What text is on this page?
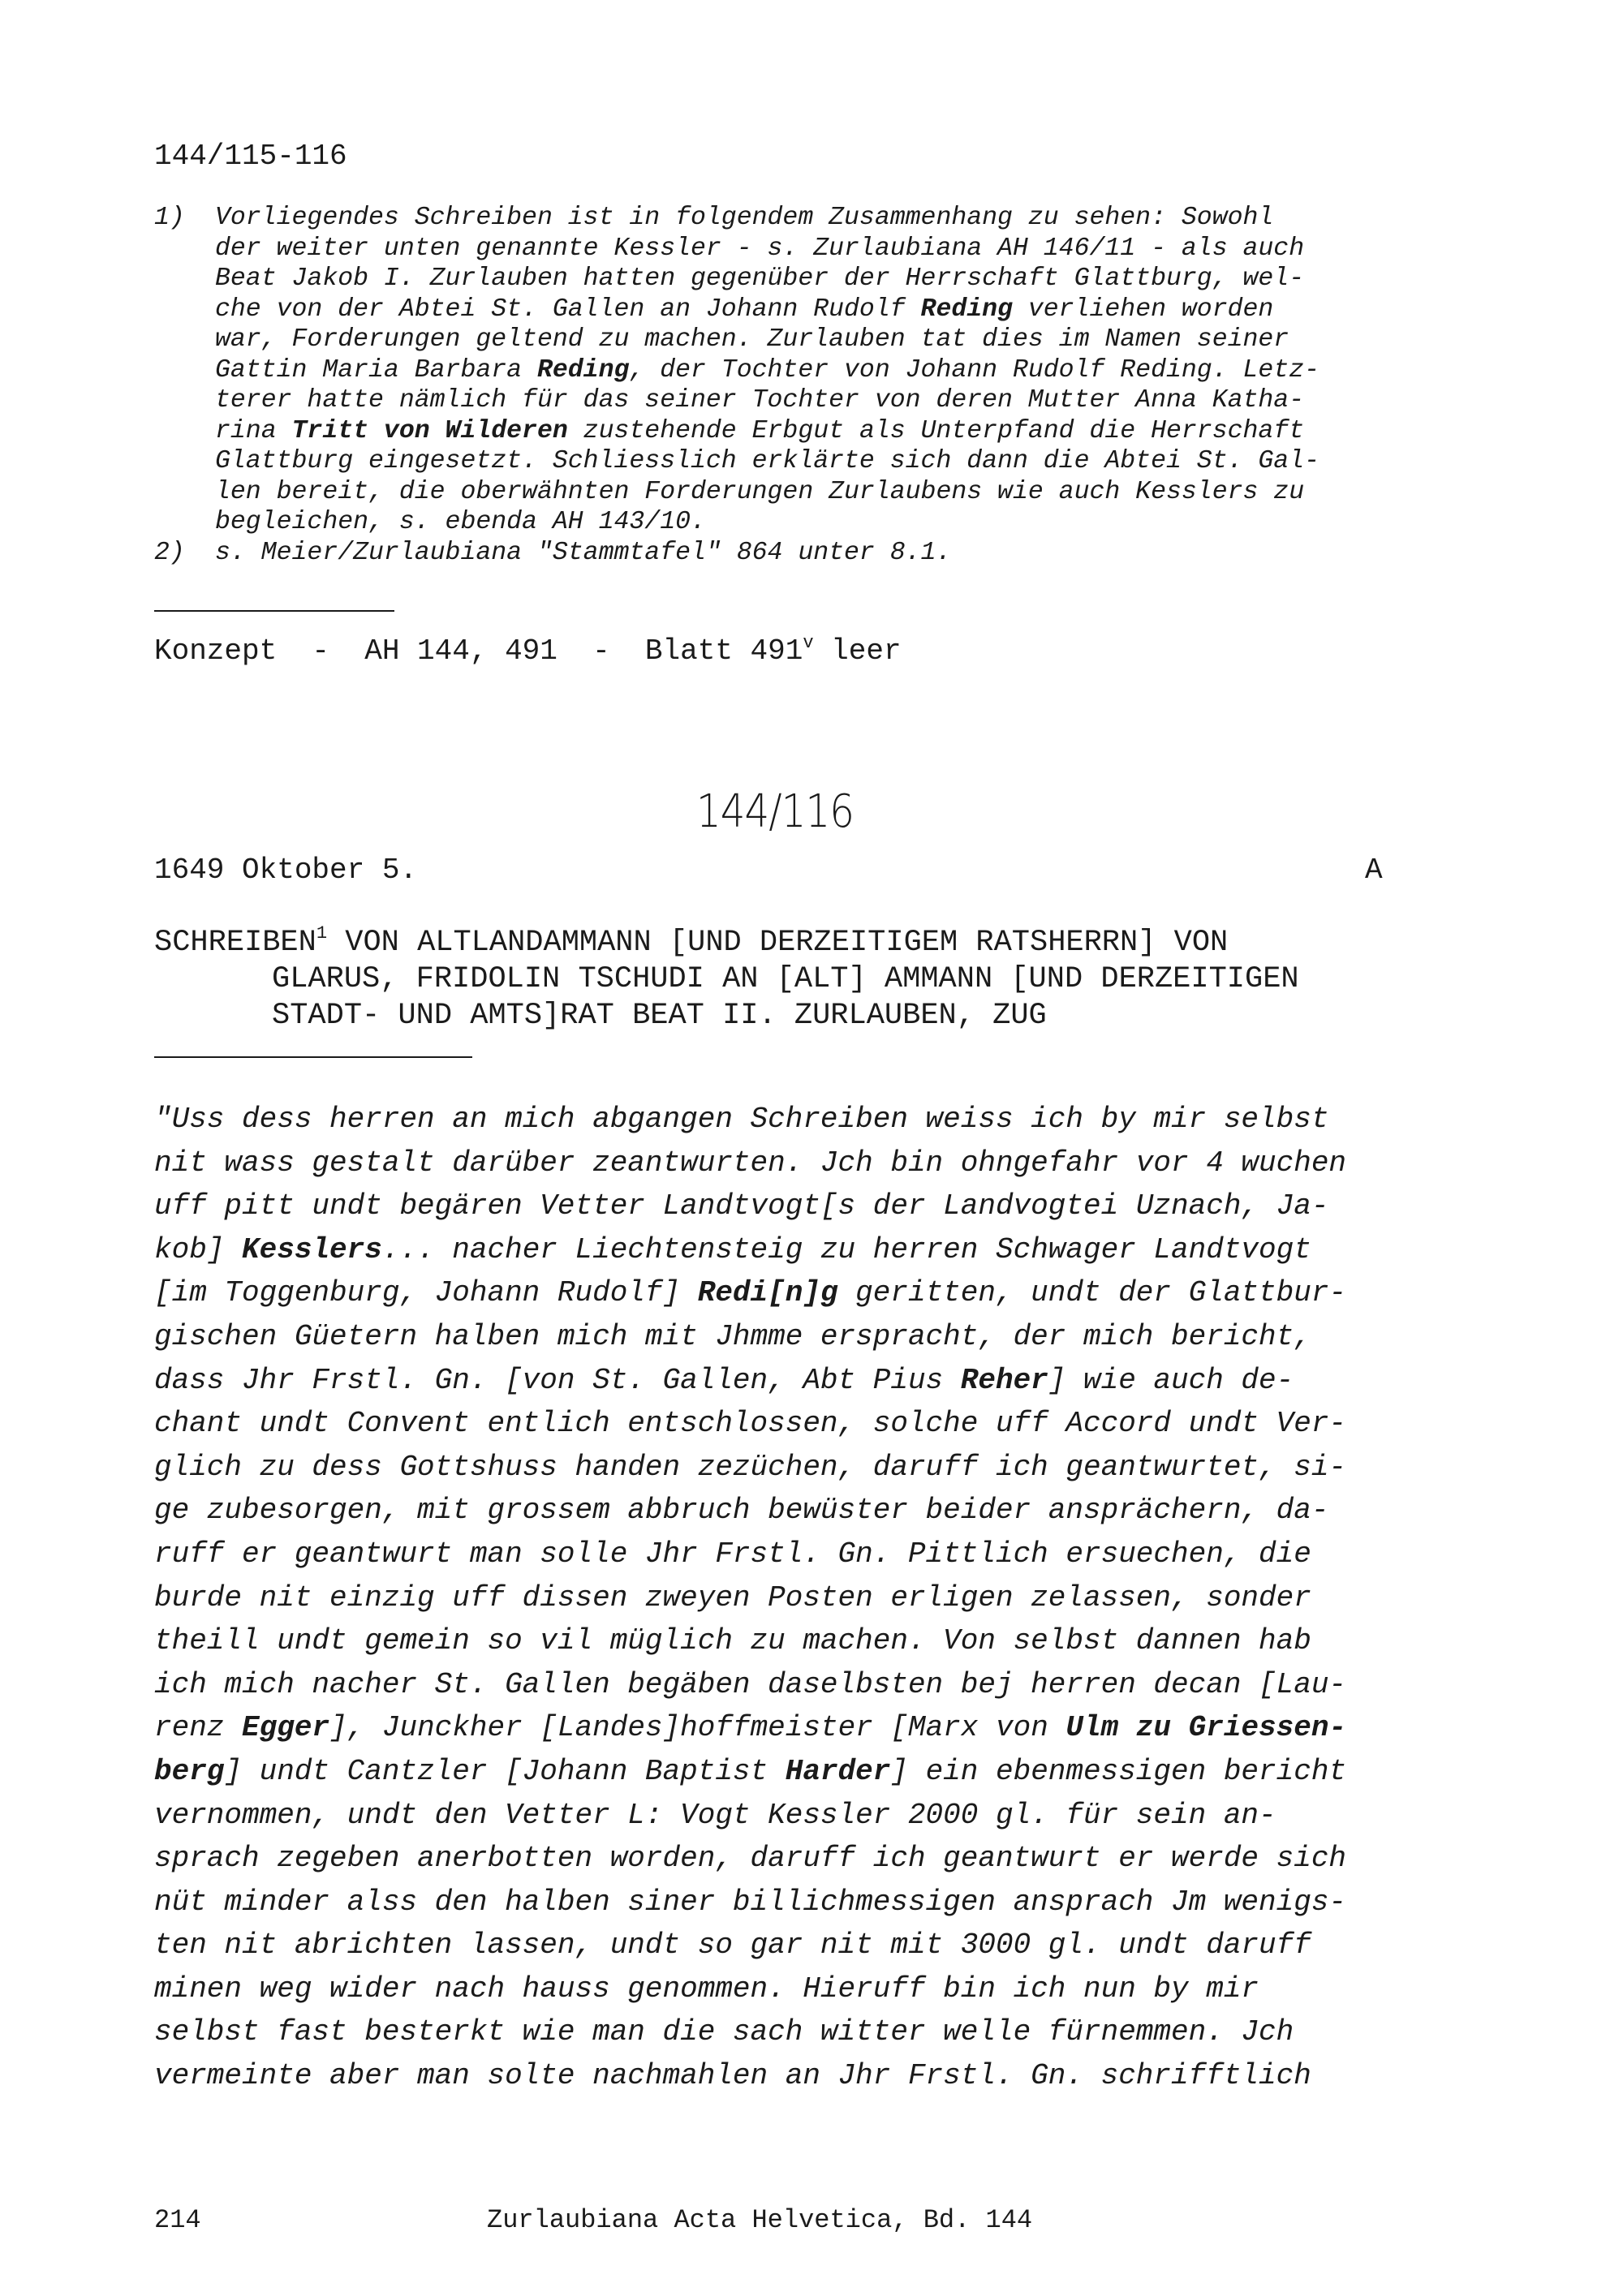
144/115-116
1) Vorliegendes Schreiben ist in folgendem Zusammenhang zu sehen: Sowohl
der weiter unten genannte Kessler - s. Zurlaubiana AH 146/11 - als auch
Beat Jakob I. Zurlauben hatten gegenüber der Herrschaft Glattburg, wel-
che von der Abtei St. Gallen an Johann Rudolf Reding verliehen worden
war, Forderungen geltend zu machen. Zurlauben tat dies im Namen seiner
Gattin Maria Barbara Reding, der Tochter von Johann Rudolf Reding. Letz-
terer hatte nämlich für das seiner Tochter von deren Mutter Anna Katha-
rina Tritt von Wilderen zustehende Erbgut als Unterpfand die Herrschaft
Glattburg eingesetzt. Schliesslich erklärte sich dann die Abtei St. Gal-
len bereit, die oberwähnten Forderungen Zurlaubens wie auch Kesslers zu
begleichen, s. ebenda AH 143/10.
2) s. Meier/Zurlaubiana "Stammtafel" 864 unter 8.1.
Konzept  -  AH 144, 491  -  Blatt 491$^v$ leer
144/116
1649 Oktober 5.	A
SCHREIBEN$^1$ VON ALTLANDAMMANN [UND DERZEITIGEM RATSHERRN] VON
GLARUS, FRIDOLIN TSCHUDI AN [ALT] AMMANN [UND DERZEITIGEN
STADT- UND AMTS]RAT BEAT II. ZURLAUBEN, ZUG
"Uss dess herren an mich abgangen Schreiben weiss ich by mir selbst
nit wass gestalt darüber zeantwurten. Jch bin ohngefahr vor 4 wuchen
uff pitt undt begären Vetter Landtvogt[s der Landvogtei Uznach, Ja-
kob] Kesslers... nacher Liechtensteig zu herren Schwager Landtvogt
[im Toggenburg, Johann Rudolf] Redi[n]g geritten, undt der Glattbur-
gischen Güetern halben mich mit Jhmme erspracht, der mich bericht,
dass Jhr Frstl. Gn. [von St. Gallen, Abt Pius Reher] wie auch de-
chant undt Convent entlich entschlossen, solche uff Accord undt Ver-
glich zu dess Gottshuss handen zezüchen, daruff ich geantwurtet, si-
ge zubesorgen, mit grossem abbruch bewüster beider ansprächern, da-
ruff er geantwurt man solle Jhr Frstl. Gn. Pittlich ersuechen, die
burde nit einzig uff dissen zweyen Posten erligen zelassen, sonder
theill undt gemein so vil müglich zu machen. Von selbst dannen hab
ich mich nacher St. Gallen begäben daselbsten bej herren decan [Lau-
renz Egger], Junckher [Landes]hoffmeister [Marx von Ulm zu Griessen-
berg] undt Cantzler [Johann Baptist Harder] ein ebenmessigen bericht
vernommen, undt den Vetter L: Vogt Kessler 2000 gl. für sein an-
sprach zegeben anerbotten worden, daruff ich geantwurt er werde sich
nüt minder alss den halben siner billichmessigen ansprach Jm wenigs-
ten nit abrichten lassen, undt so gar nit mit 3000 gl. undt daruff
minen weg wider nach hauss genommen. Hieruff bin ich nun by mir
selbst fast besterkt wie man die sach witter welle fürnemmen. Jch
vermeinte aber man solte nachmahlen an Jhr Frstl. Gn. schrifftlich
214	Zurlaubiana Acta Helvetica, Bd. 144
